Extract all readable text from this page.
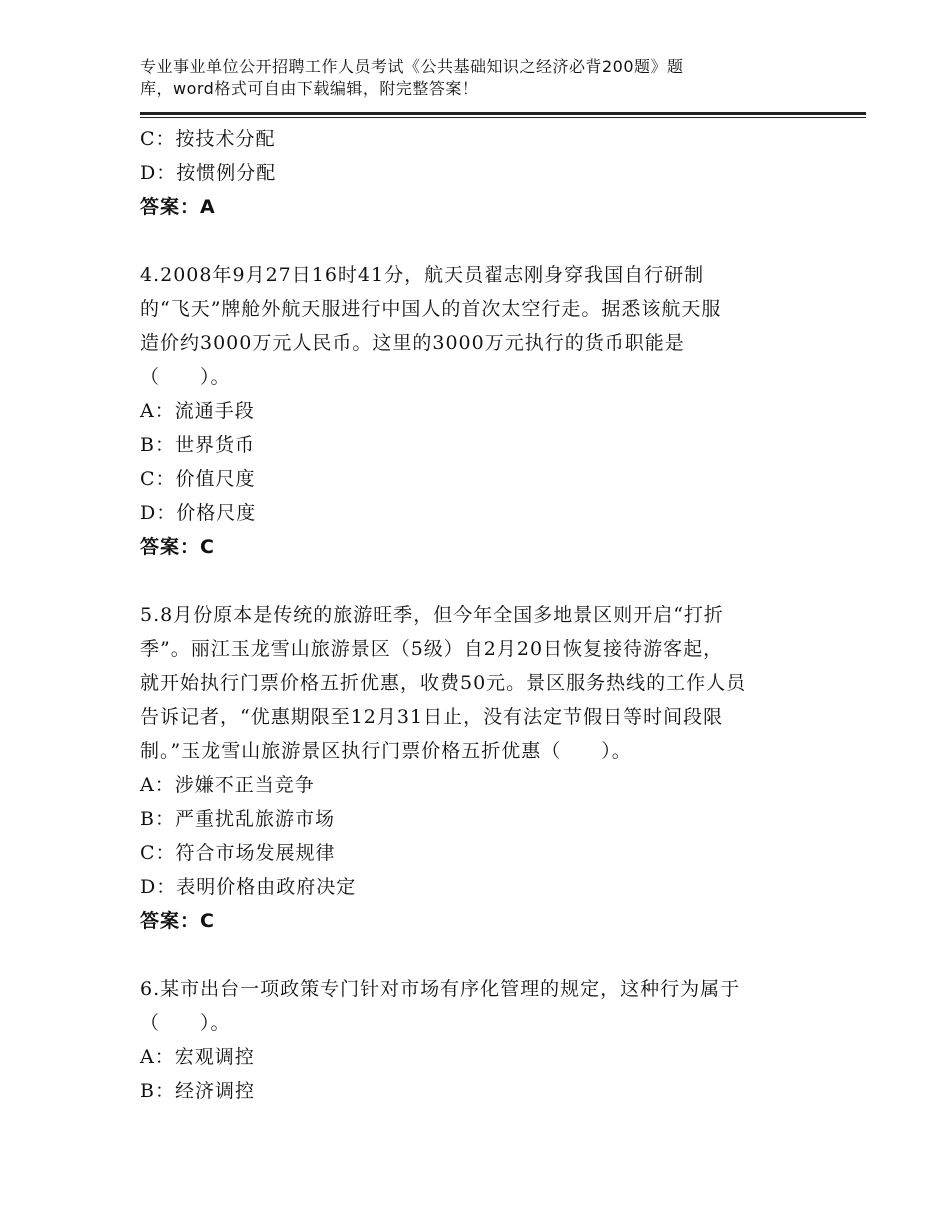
专业事业单位公开招聘工作人员考试《公共基础知识之经济必背200题》题
库，word格式可自由下载编辑，附完整答案！
C：按技术分配
D：按惯例分配
答案：A
4.2008年9月27日16时41分，航天员翟志刚身穿我国自行研制
的“飞天”牌舱外航天服进行中国人的首次太空行走。据悉该航天服
造价约3000万元人民币。这里的3000万元执行的货币职能是
（　　）。
A：流通手段
B：世界货币
C：价值尺度
D：价格尺度
答案：C
5.8月份原本是传统的旅游旺季，但今年全国多地景区则开启“打折
季”。丽江玉龙雪山旅游景区（5级）自2月20日恢复接待游客起，
就开始执行门票价格五折优惠，收费50元。景区服务热线的工作人员
告诉记者，“优惠期限至12月31日止，没有法定节假日等时间段限
制。”玉龙雪山旅游景区执行门票价格五折优惠（　　）。
A：涉嫌不正当竞争
B：严重扰乱旅游市场
C：符合市场发展规律
D：表明价格由政府决定
答案：C
6.某市出台一项政策专门针对市场有序化管理的规定，这种行为属于
（　　）。
A：宏观调控
B：经济调控
